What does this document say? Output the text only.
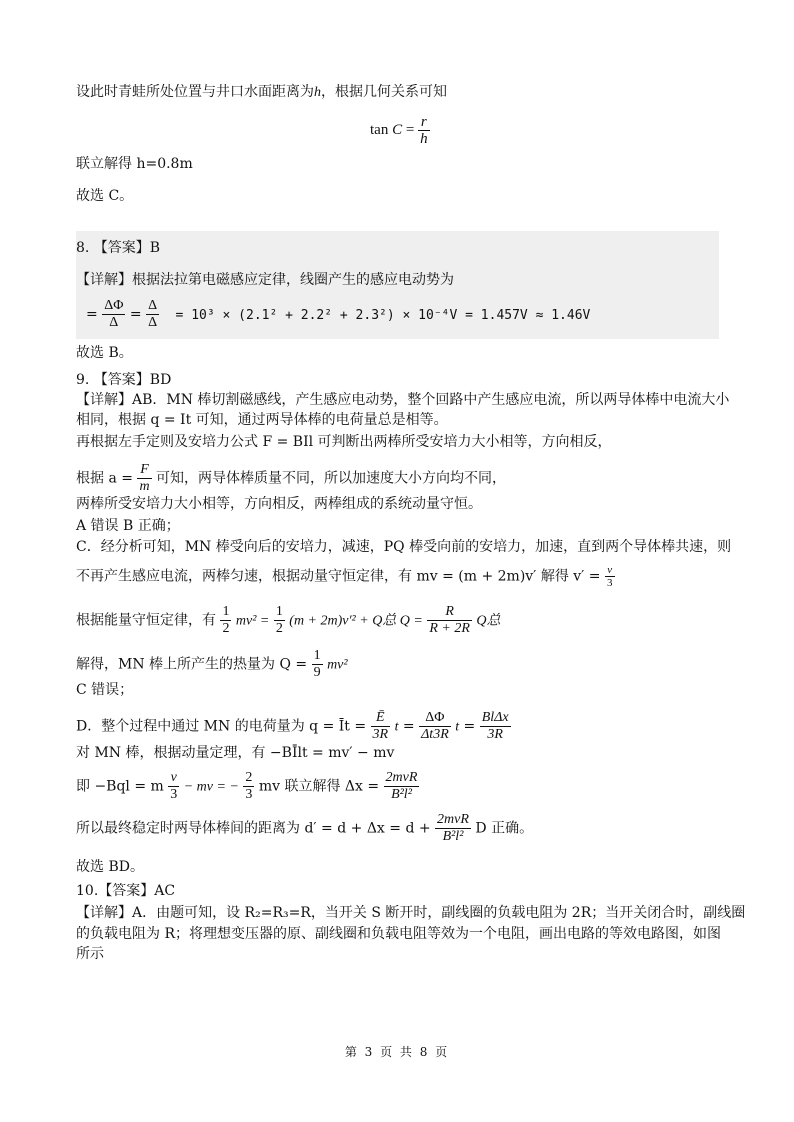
设此时青蛙所处位置与井口水面距离为h，根据几何关系可知
$\tan C = \frac{r}{h}$
联立解得 h=0.8m
故选 C。
8. 【答案】B
【详解】根据法拉第电磁感应定律，线圈产生的感应电动势为
= $\frac{\Delta\Phi}{\Delta} = \frac{\Delta}{\Delta} = 10^3 \times (2.1^2 + 2.2^2 + 2.3^2) \times 10^{-4}V = 1.457V \approx 1.46V$
故选 B。
9. 【答案】BD
【详解】AB．MN 棒切割磁感线，产生感应电动势，整个回路中产生感应电流，所以两导体棒中电流大小
相同，根据 q = It 可知，通过两导体棒的电荷量总是相等。
再根据左手定则及安培力公式 F = BIl 可判断出两棒所受安培力大小相等，方向相反，
根据 $a = \frac{F}{m}$ 可知，两导体棒质量不同，所以加速度大小方向均不同，
两棒所受安培力大小相等，方向相反，两棒组成的系统动量守恒。
A 错误 B 正确；
C．经分析可知，MN 棒受向后的安培力，减速，PQ 棒受向前的安培力，加速，直到两个导体棒共速，则
不再产生感应电流，两棒匀速，根据动量守恒定律，有 mv = (m + 2m)v′ 解得 $v' = \frac{v}{3}$
根据能量守恒定律，有 $\frac{1}{2} mv^2 = \frac{1}{2} (m + 2m)v'^2 + Q$总 $Q = \frac{R}{R + 2R}$ Q总
解得，MN 棒上所产生的热量为 $Q = \frac{1}{9} mv^2$
C 错误；
D．整个过程中通过 MN 的电荷量为 q = Īt = $\frac{Ē}{3R}$ $t = \frac{\Delta\Phi}{\Delta t3R}$ $t = \frac{\text{BlΔx}}{3R}$
对 MN 棒，根据动量定理，有 −BĪlt = mv′ − mv
即 −Bql = m $\frac{v}{3}$ − mv = − $\frac{2}{3}$ mv 联立解得 $\Delta x = \frac{\text{2mvR}}{\text{B²l²}}$
所以最终稳定时两导体棒间的距离为 $d' = d + \Delta x = d + \frac{\text{2mvR}}{\text{B²l²}}$ D 正确。
故选 BD。
10.【答案】AC
【详解】A．由题可知，设 R₂=R₃=R，当开关 S 断开时，副线圈的负载电阻为 2R；当开关闭合时，副线圈
的负载电阻为 R；将理想变压器的原、副线圈和负载电阻等效为一个电阻，画出电路的等效电路图，如图
所示
第 3 页 共 8 页
